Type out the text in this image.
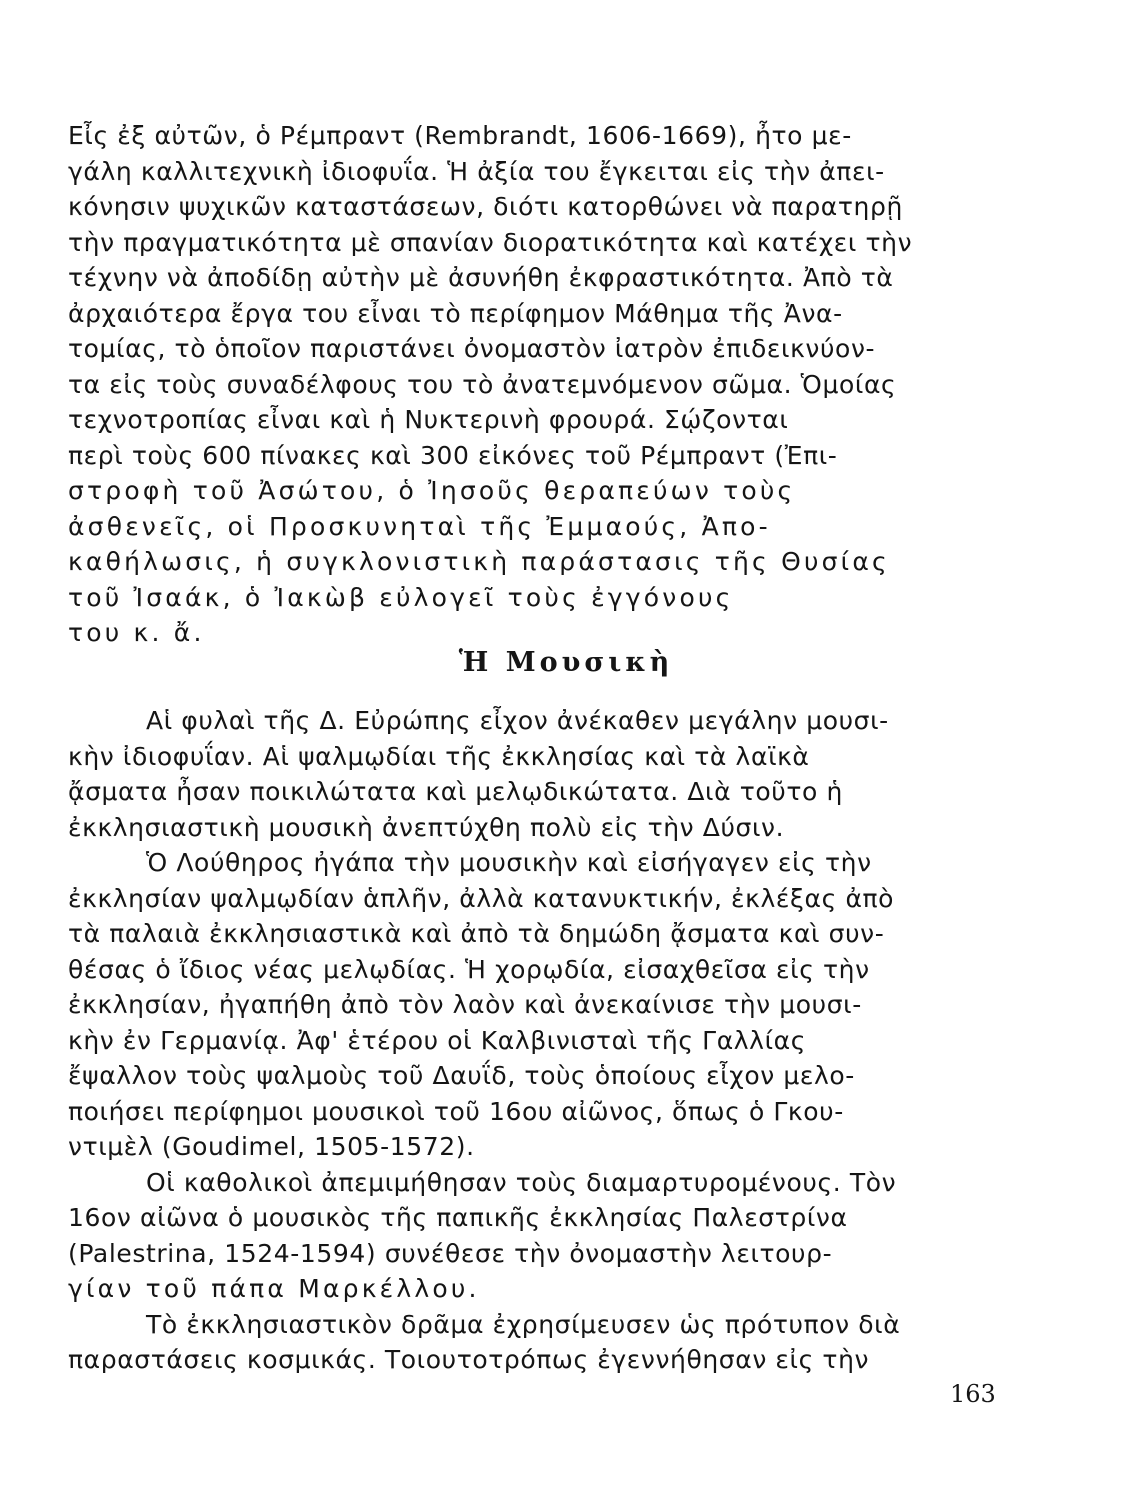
Εἶς ἐξ αὐτῶν, ὁ Ρέμπραντ (Rembrandt, 1606-1669), ἦτο με-

γάλη καλλιτεχνικὴ ἰδιοφυΐα. Ἡ ἀξία του ἔγκειται εἰς τὴν ἀπει-

κόνησιν ψυχικῶν καταστάσεων, διότι κατορθώνει νὰ παρατηρῇ

τὴν πραγματικότητα μὲ σπανίαν διορατικότητα καὶ κατέχει τὴν

τέχνην νὰ ἀποδίδῃ αὐτὴν μὲ ἀσυνήθη ἐκφραστικότητα. Ἀπὸ τὰ

ἀρχαιότερα ἔργα του εἶναι τὸ περίφημον Μάθημα τῆς Ἀνα-

τομίας, τὸ ὁποῖον παριστάνει ὀνομαστὸν ἰατρὸν ἐπιδεικνύον-

τα εἰς τοὺς συναδέλφους του τὸ ἀνατεμνόμενον σῶμα. Ὁμοίας

τεχνοτροπίας εἶναι καὶ ἡ Νυκτερινὴ φρουρά. Σῴζονται

περὶ τοὺς 600 πίνακες καὶ 300 εἰκόνες τοῦ Ρέμπραντ (Ἐπι-

στροφὴ τοῦ Ἀσώτου, ὁ Ἰησοῦς θεραπεύων τοὺς

ἀσθενεῖς, οἱ Προσκυνηταὶ τῆς Ἐμμαούς, Ἀπο-

καθήλωσις, ἡ συγκλονιστικὴ παράστασις τῆς Θυσίας

τοῦ Ἰσαάκ, ὁ Ἰακὼβ εὐλογεῖ τοὺς ἐγγόνους

του κ. ἄ.

Ἡ Μουσικὴ

Αἱ φυλαὶ τῆς Δ. Εὐρώπης εἶχον ἀνέκαθεν μεγάλην μουσι-

κὴν ἰδιοφυΐαν. Αἱ ψαλμῳδίαι τῆς ἐκκλησίας καὶ τὰ λαϊκὰ

ᾄσματα ἦσαν ποικιλώτατα καὶ μελῳδικώτατα. Διὰ τοῦτο ἡ

ἐκκλησιαστικὴ μουσικὴ ἀνεπτύχθη πολὺ εἰς τὴν Δύσιν.

Ὁ Λούθηρος ἠγάπα τὴν μουσικὴν καὶ εἰσήγαγεν εἰς τὴν

ἐκκλησίαν ψαλμῳδίαν ἁπλῆν, ἀλλὰ κατανυκτικήν, ἐκλέξας ἀπὸ

τὰ παλαιὰ ἐκκλησιαστικὰ καὶ ἀπὸ τὰ δημώδη ᾄσματα καὶ συν-

θέσας ὁ ἴδιος νέας μελῳδίας. Ἡ χορῳδία, εἰσαχθεῖσα εἰς τὴν

ἐκκλησίαν, ἠγαπήθη ἀπὸ τὸν λαὸν καὶ ἀνεκαίνισε τὴν μουσι-

κὴν ἐν Γερμανίᾳ. Ἀφ' ἑτέρου οἱ Καλβινισταὶ τῆς Γαλλίας

ἔψαλλον τοὺς ψαλμοὺς τοῦ Δαυΐδ, τοὺς ὁποίους εἶχον μελο-

ποιήσει περίφημοι μουσικοὶ τοῦ 16ου αἰῶνος, ὅπως ὁ Γκου-

ντιμὲλ (Goudimel, 1505-1572).

Οἱ καθολικοὶ ἀπεμιμήθησαν τοὺς διαμαρτυρομένους. Τὸν

16ον αἰῶνα ὁ μουσικὸς τῆς παπικῆς ἐκκλησίας Παλεστρίνα

(Palestrina, 1524-1594) συνέθεσε τὴν ὀνομαστὴν λειτουρ-

γίαν τοῦ πάπα Μαρκέλλου.

Τὸ ἐκκλησιαστικὸν δρᾶμα ἐχρησίμευσεν ὡς πρότυπον διὰ

παραστάσεις κοσμικάς. Τοιουτοτρόπως ἐγεννήθησαν εἰς τὴν

163
